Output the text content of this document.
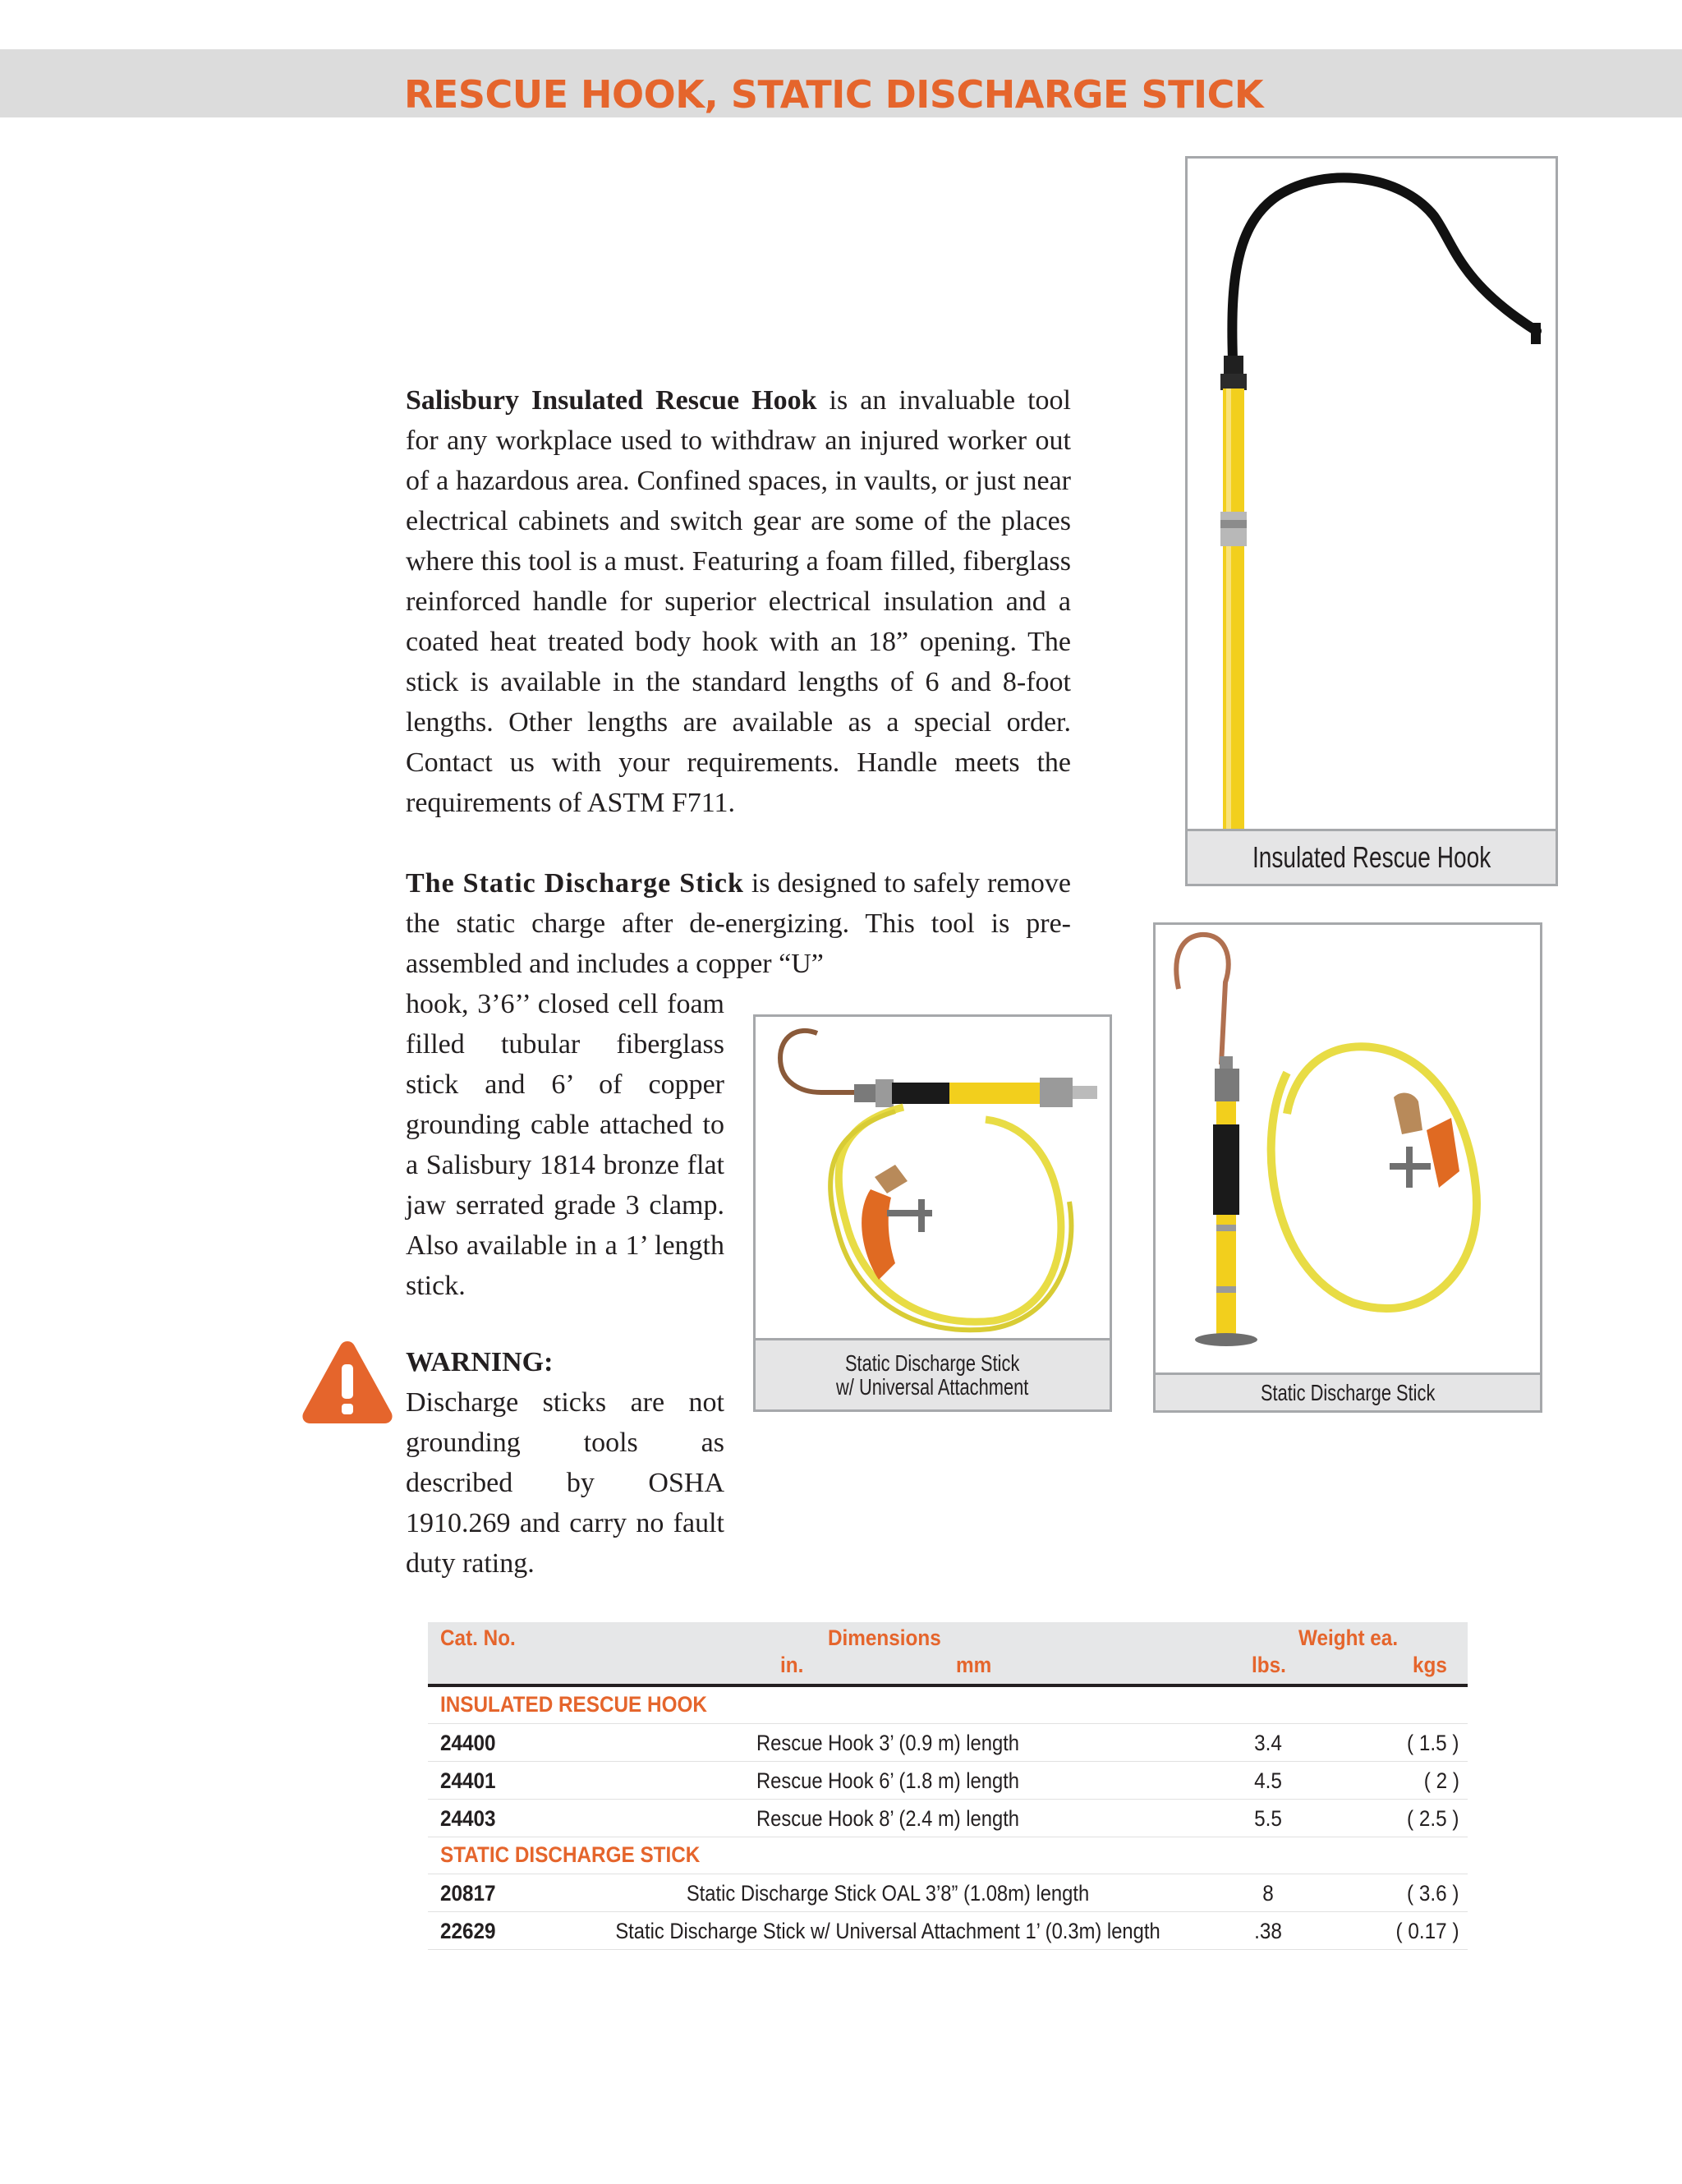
RESCUE HOOK, STATIC DISCHARGE STICK

Salisbury Insulated Rescue Hook is an invaluable tool for any workplace used to withdraw an injured worker out of a hazardous area. Confined spaces, in vaults, or just near electrical cabinets and switch gear are some of the places where this tool is a must. Featuring a foam filled, fiberglass reinforced handle for superior electrical insulation and a coated heat treated body hook with an 18” opening. The stick is available in the standard lengths of 6 and 8-foot lengths. Other lengths are available as a special order. Contact us with your requirements. Handle meets the requirements of ASTM F711.

The Static Discharge Stick is designed to safely remove the static charge after de-energizing. This tool is pre-assembled and includes a copper “U”

hook, 3’6’’ closed cell foam filled tubular fiberglass stick and 6’ of copper grounding cable attached to a Salisbury 1814 bronze flat jaw serrated grade 3 clamp. Also available in a 1’ length stick.

WARNING:
Discharge sticks are not grounding tools as described by OSHA 1910.269 and carry no fault duty rating.
Insulated Rescue Hook
Static Discharge Stick
w/ Universal Attachment	Static Discharge Stick
Cat. No.	Dimensions
in.	mm
Weight ea.
lbs.	kgs
INSULATED RESCUE HOOK
24400	Rescue Hook 3’ (0.9 m) length	3.4	( 1.5 )
24401	Rescue Hook 6’ (1.8 m) length	4.5	( 2 )
24403	Rescue Hook 8’ (2.4 m) length	5.5	( 2.5 )
STATIC DISCHARGE STICK
20817	Static Discharge Stick OAL 3’8” (1.08m) length	8	( 3.6 )
22629	Static Discharge Stick w/ Universal Attachment 1’ (0.3m) length	.38	( 0.17 )
